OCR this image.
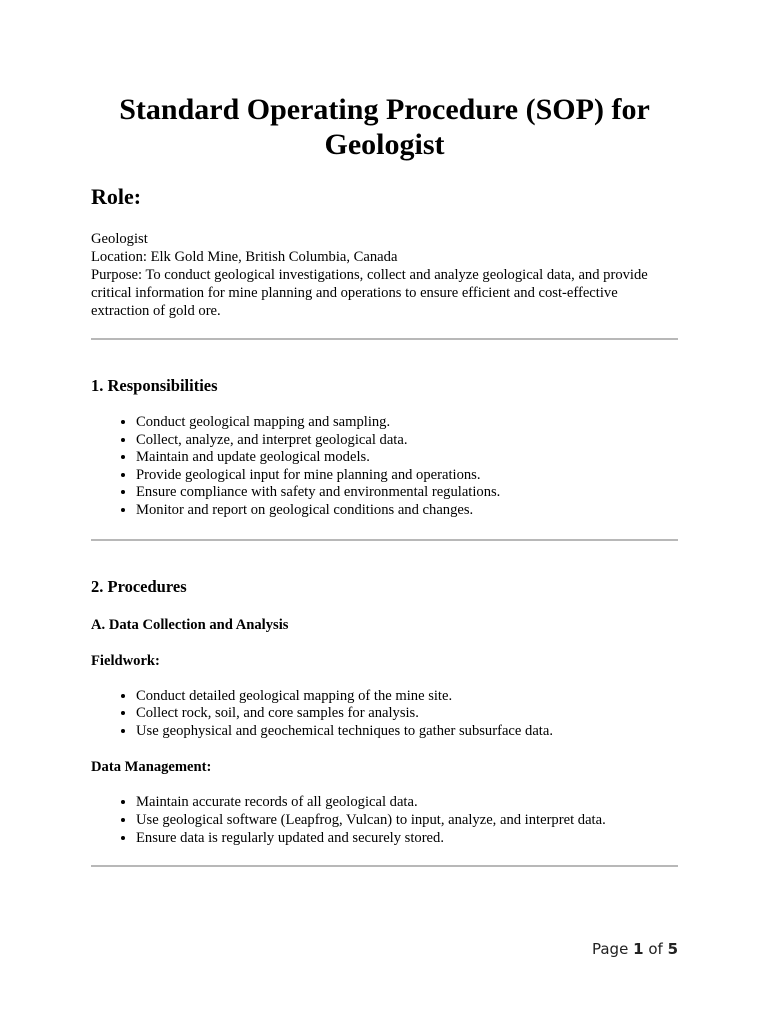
Standard Operating Procedure (SOP) for Geologist
Role:
Geologist
Location: Elk Gold Mine, British Columbia, Canada
Purpose: To conduct geological investigations, collect and analyze geological data, and provide critical information for mine planning and operations to ensure efficient and cost-effective extraction of gold ore.
1. Responsibilities
• Conduct geological mapping and sampling.
• Collect, analyze, and interpret geological data.
• Maintain and update geological models.
• Provide geological input for mine planning and operations.
• Ensure compliance with safety and environmental regulations.
• Monitor and report on geological conditions and changes.
2. Procedures
A. Data Collection and Analysis
Fieldwork:
• Conduct detailed geological mapping of the mine site.
• Collect rock, soil, and core samples for analysis.
• Use geophysical and geochemical techniques to gather subsurface data.
Data Management:
• Maintain accurate records of all geological data.
• Use geological software (Leapfrog, Vulcan) to input, analyze, and interpret data.
• Ensure data is regularly updated and securely stored.
Page 1 of 5
